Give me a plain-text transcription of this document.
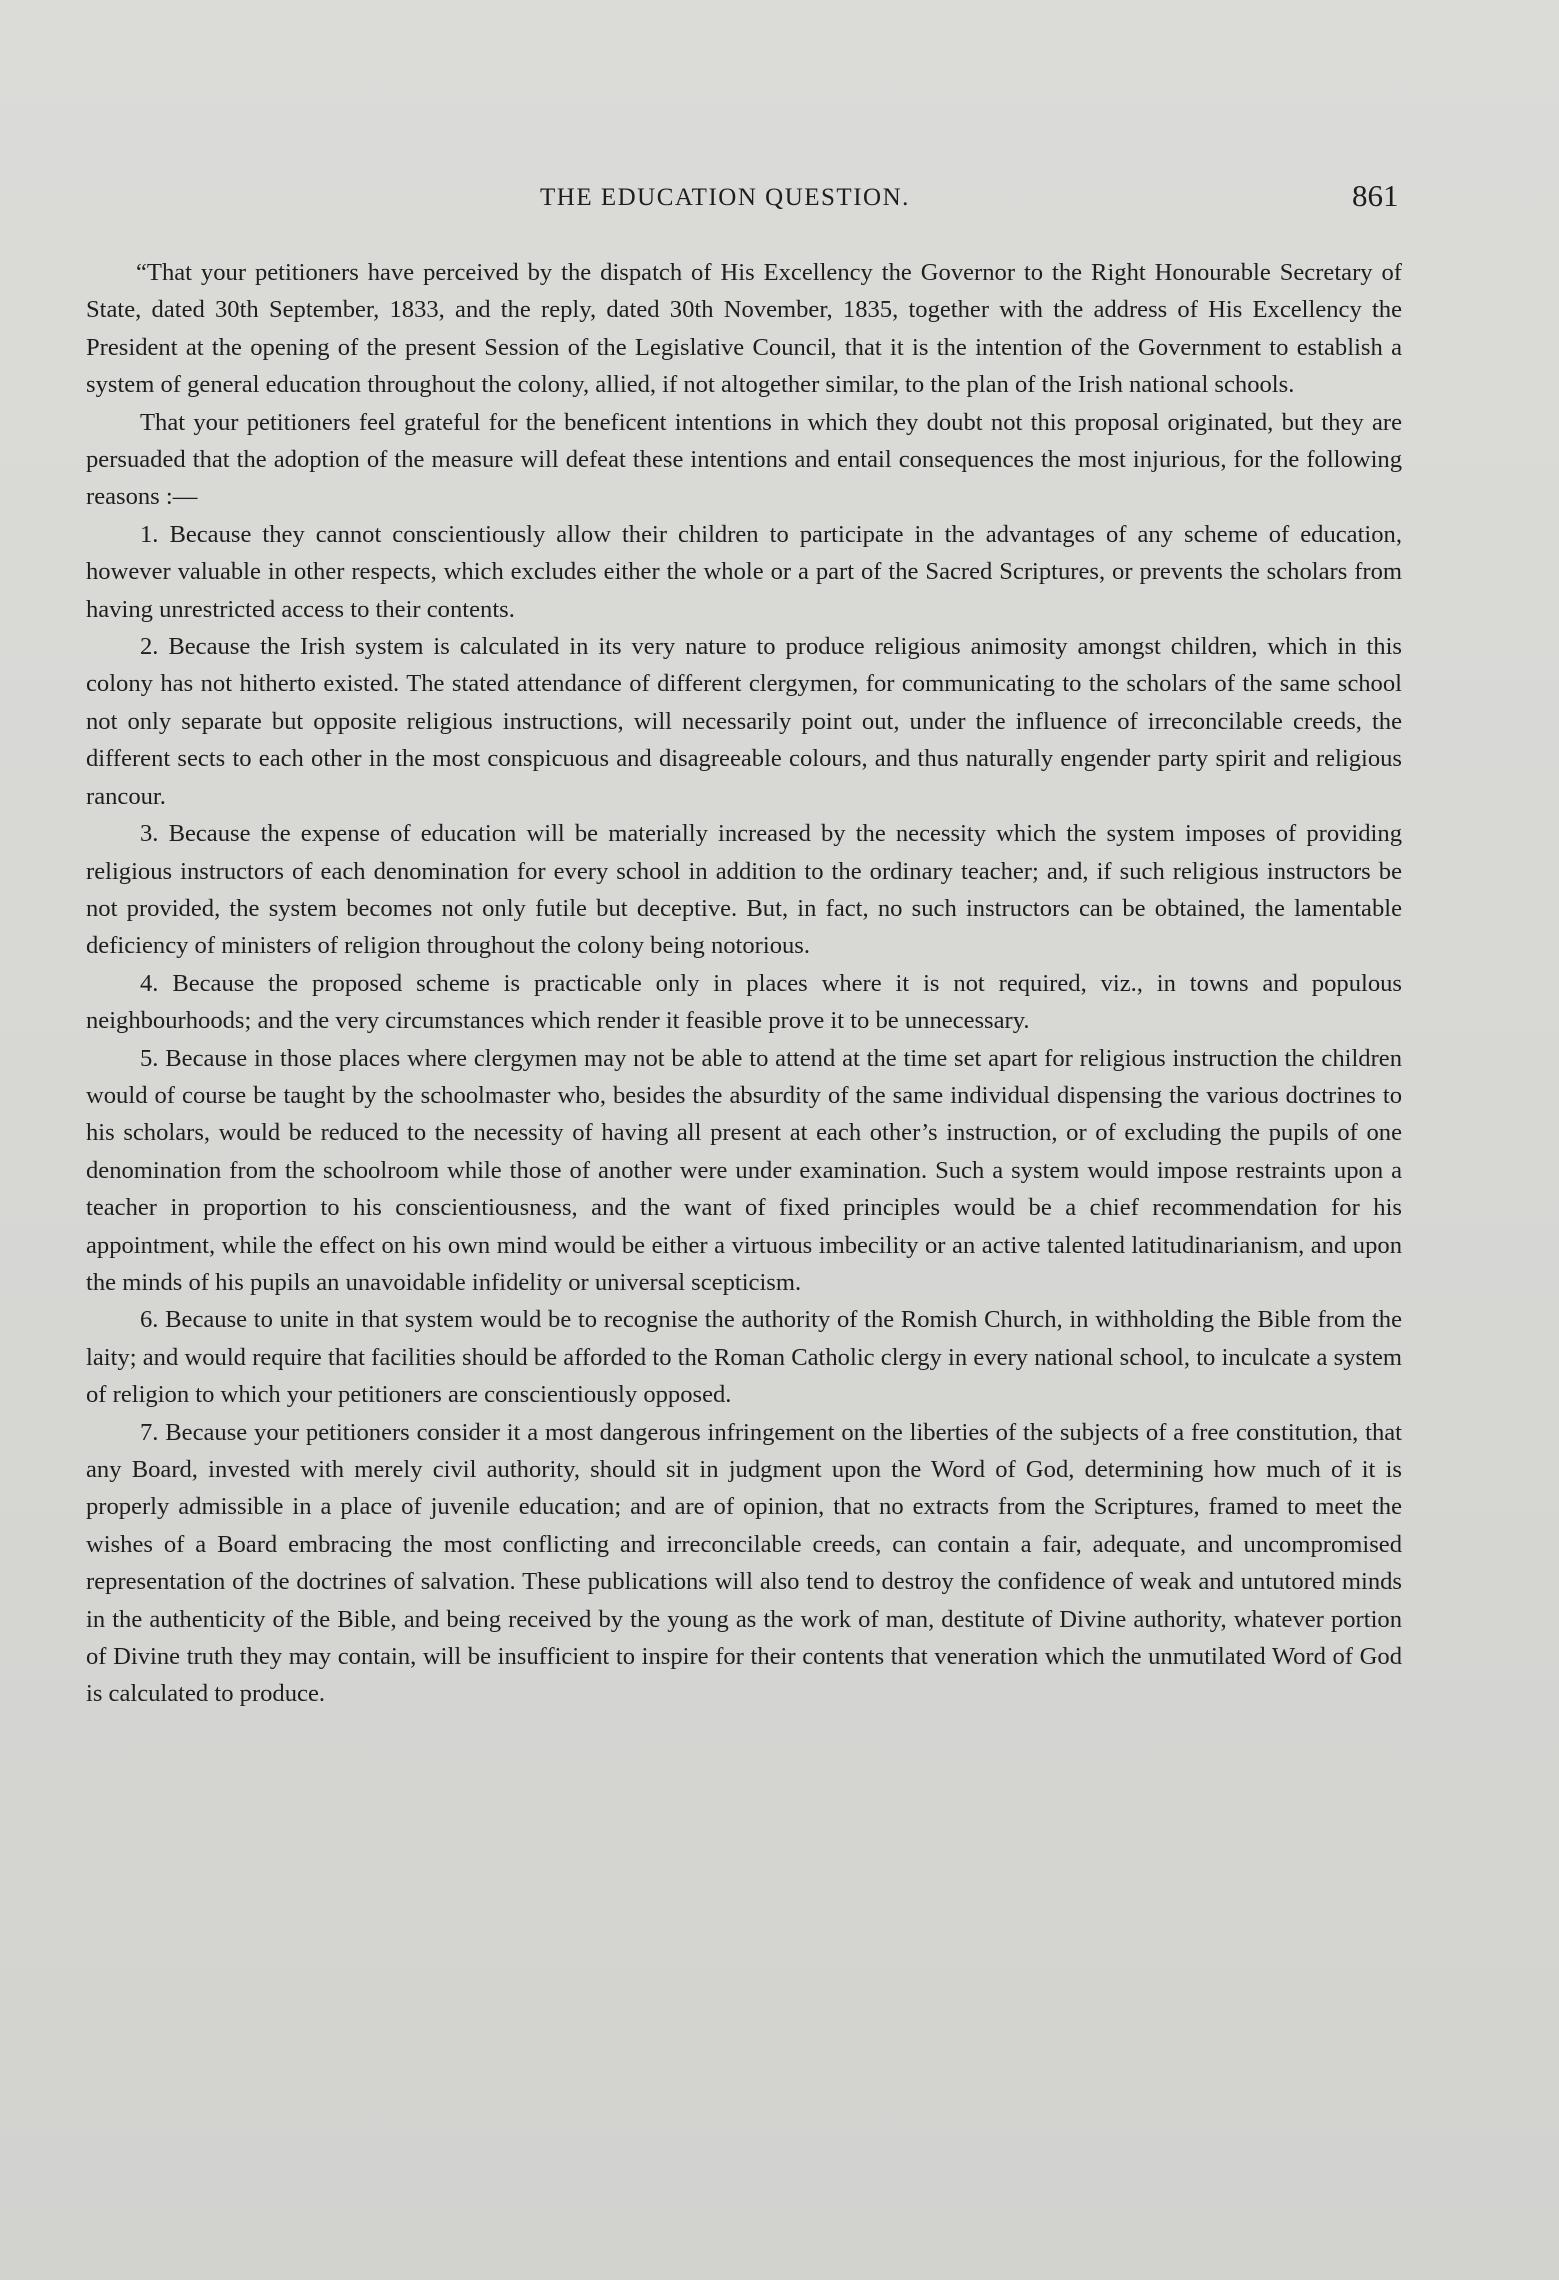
THE EDUCATION QUESTION.	861

“That your petitioners have perceived by the dispatch of His Excellency the Governor to the Right Honourable Secretary of State, dated 30th September, 1833, and the reply, dated 30th November, 1835, together with the address of His Excellency the President at the opening of the present Session of the Legislative Council, that it is the intention of the Government to establish a system of general education throughout the colony, allied, if not altogether similar, to the plan of the Irish national schools.

That your petitioners feel grateful for the beneficent intentions in which they doubt not this proposal originated, but they are persuaded that the adoption of the measure will defeat these intentions and entail consequences the most injurious, for the following reasons :—

1. Because they cannot conscientiously allow their children to participate in the advantages of any scheme of education, however valuable in other respects, which excludes either the whole or a part of the Sacred Scriptures, or prevents the scholars from having unrestricted access to their contents.

2. Because the Irish system is calculated in its very nature to produce religious animosity amongst children, which in this colony has not hitherto existed. The stated attendance of different clergymen, for communicating to the scholars of the same school not only separate but opposite religious instructions, will necessarily point out, under the influence of irreconcilable creeds, the different sects to each other in the most conspicuous and disagreeable colours, and thus naturally engender party spirit and religious rancour.

3. Because the expense of education will be materially increased by the necessity which the system imposes of providing religious instructors of each denomination for every school in addition to the ordinary teacher; and, if such religious instructors be not provided, the system becomes not only futile but deceptive. But, in fact, no such instructors can be obtained, the lamentable deficiency of ministers of religion throughout the colony being notorious.

4. Because the proposed scheme is practicable only in places where it is not required, viz., in towns and populous neighbourhoods; and the very circumstances which render it feasible prove it to be unnecessary.

5. Because in those places where clergymen may not be able to attend at the time set apart for religious instruction the children would of course be taught by the schoolmaster who, besides the absurdity of the same individual dispensing the various doctrines to his scholars, would be reduced to the necessity of having all present at each other’s instruction, or of excluding the pupils of one denomination from the schoolroom while those of another were under examination. Such a system would impose restraints upon a teacher in proportion to his conscientiousness, and the want of fixed principles would be a chief recommendation for his appointment, while the effect on his own mind would be either a virtuous imbecility or an active talented latitudinarianism, and upon the minds of his pupils an unavoidable infidelity or universal scepticism.

6. Because to unite in that system would be to recognise the authority of the Romish Church, in withholding the Bible from the laity; and would require that facilities should be afforded to the Roman Catholic clergy in every national school, to inculcate a system of religion to which your petitioners are conscientiously opposed.

7. Because your petitioners consider it a most dangerous infringement on the liberties of the subjects of a free constitution, that any Board, invested with merely civil authority, should sit in judgment upon the Word of God, determining how much of it is properly admissible in a place of juvenile education; and are of opinion, that no extracts from the Scriptures, framed to meet the wishes of a Board embracing the most conflicting and irreconcilable creeds, can contain a fair, adequate, and uncompromised representation of the doctrines of salvation. These publications will also tend to destroy the confidence of weak and untutored minds in the authenticity of the Bible, and being received by the young as the work of man, destitute of Divine authority, whatever portion of Divine truth they may contain, will be insufficient to inspire for their contents that veneration which the unmutilated Word of God is calculated to produce.
